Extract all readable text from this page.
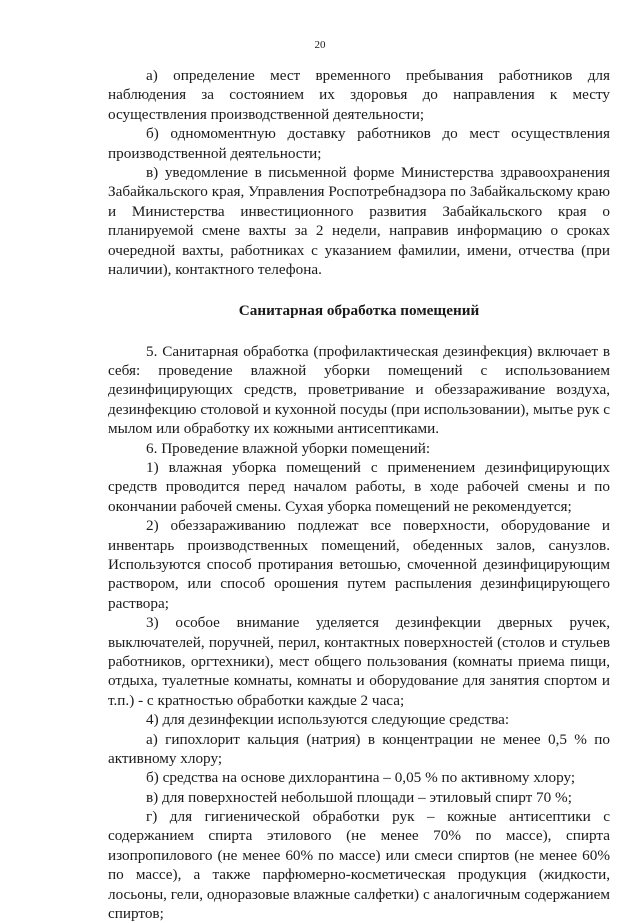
20
а) определение мест временного пребывания работников для
наблюдения за состоянием их здоровья до направления к месту
осуществления производственной деятельности;
б) одномоментную доставку работников до мест осуществления
производственной деятельности;
в) уведомление в письменной форме Министерства здравоохранения
Забайкальского края, Управления Роспотребнадзора по Забайкальскому краю
и Министерства инвестиционного развития Забайкальского края о
планируемой смене вахты за 2 недели, направив информацию о сроках
очередной вахты, работниках с указанием фамилии, имени, отчества (при
наличии), контактного телефона.
Санитарная обработка помещений
5. Санитарная обработка (профилактическая дезинфекция) включает в
себя: проведение влажной уборки помещений с использованием
дезинфицирующих средств, проветривание и обеззараживание воздуха,
дезинфекцию столовой и кухонной посуды (при использовании), мытье рук с
мылом или обработку их кожными антисептиками.
6. Проведение влажной уборки помещений:
1) влажная уборка помещений с применением дезинфицирующих
средств проводится перед началом работы, в ходе рабочей смены и по
окончании рабочей смены. Сухая уборка помещений не рекомендуется;
2) обеззараживанию подлежат все поверхности, оборудование и
инвентарь производственных помещений, обеденных залов, санузлов.
Используются способ протирания ветошью, смоченной дезинфицирующим
раствором, или способ орошения путем распыления дезинфицирующего
раствора;
3) особое внимание уделяется дезинфекции дверных ручек,
выключателей, поручней, перил, контактных поверхностей (столов и стульев
работников, оргтехники), мест общего пользования (комнаты приема пищи,
отдыха, туалетные комнаты, комнаты и оборудование для занятия спортом и
т.п.) - с кратностью обработки каждые 2 часа;
4) для дезинфекции используются следующие средства:
а) гипохлорит кальция (натрия) в концентрации не менее 0,5 % по
активному хлору;
б) средства на основе дихлорантина – 0,05 % по активному хлору;
в) для поверхностей небольшой площади – этиловый спирт 70 %;
г) для гигиенической обработки рук – кожные антисептики с
содержанием спирта этилового (не менее 70% по массе), спирта
изопропилового (не менее 60% по массе) или смеси спиртов (не менее 60%
по массе), а также парфюмерно-косметическая продукция (жидкости,
лосьоны, гели, одноразовые влажные салфетки) с аналогичным содержанием
спиртов;
